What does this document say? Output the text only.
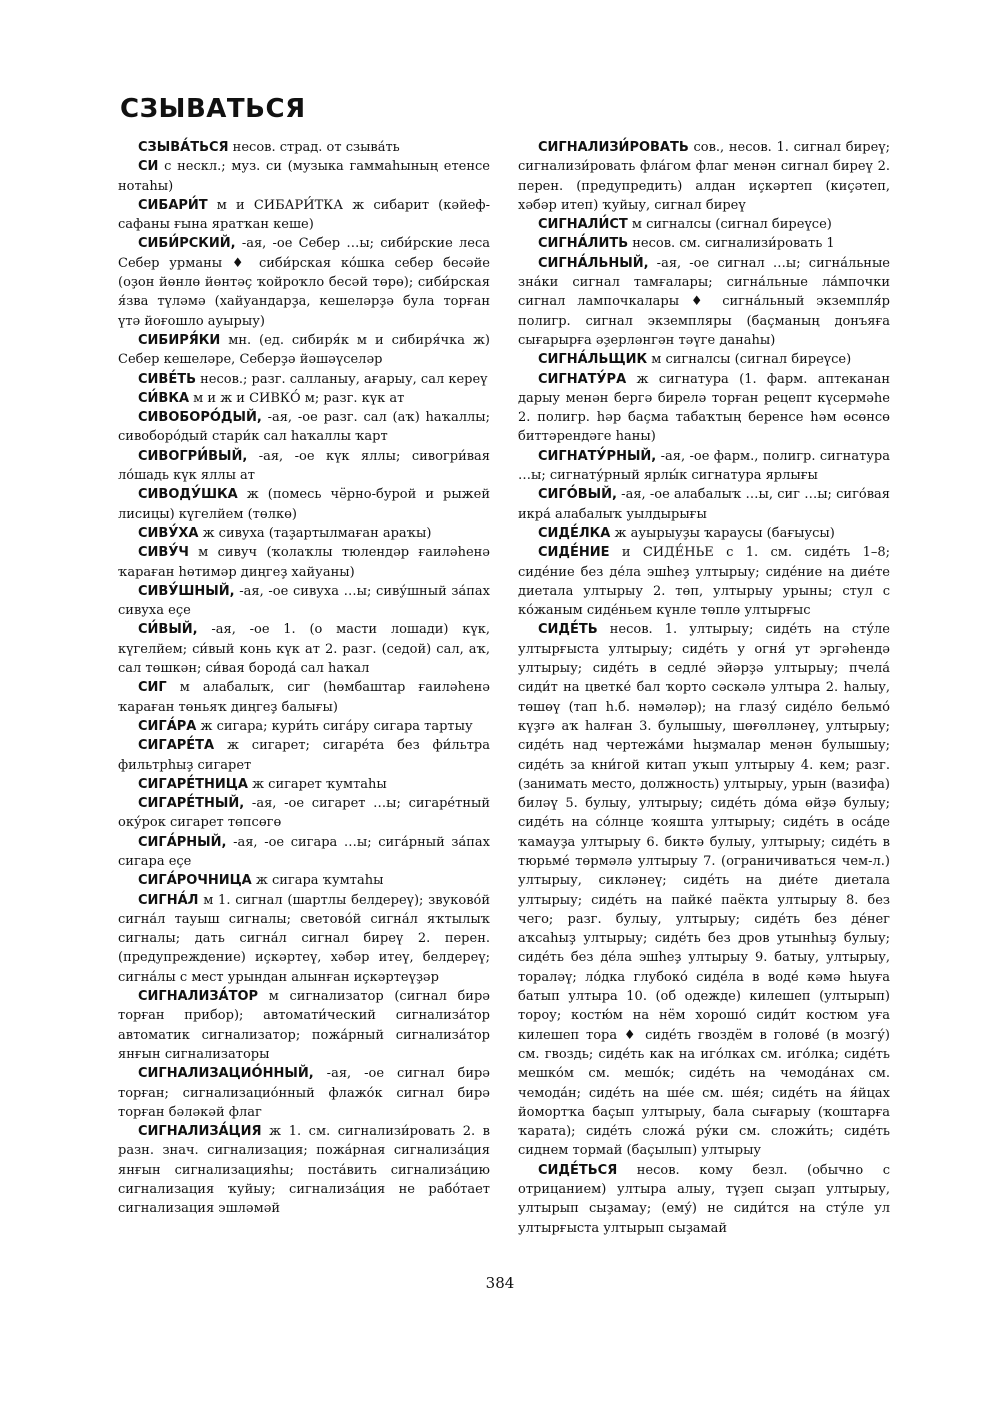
СЗЫВАТЬСЯ

СЗЫВА́ТЬСЯ несов. страд. от сзыва́ть

СИ с нескл.; муз. си (музыка гаммаһының етенсе нотаһы)

СИБАРИ́Т м и СИБАРИ́ТКА ж сибарит (кәйеф-сафаны ғына яратҡан кеше)

СИБИ́РСКИЙ, -ая, -ое Себер …ы; сиби́рские леса Себер урманы ♦ сиби́рская ко́шка себер бесәйе (оҙон йөнлө йөнтәҫ ҡойроҡло бесәй төрө); сиби́рская я́зва түләмә (хайуандарҙа, кешеләрҙә була торған үтә йоғошло ауырыу)

СИБИРЯ́КИ мн. (ед. сибиря́к м и сибиря́чка ж) Себер кешеләре, Себерҙә йәшәүселәр

СИВЕ́ТЬ несов.; разг. салланыу, ағарыу, сал кереү

СИ́ВКА м и ж и СИВКО́ м; разг. күк ат

СИВОБОРО́ДЫЙ, -ая, -ое разг. сал (аҡ) һаҡаллы; сивоборо́дый стари́к сал һаҡаллы ҡарт

СИВОГРИ́ВЫЙ, -ая, -ое күк яллы; сивогри́вая ло́шадь күк яллы ат

СИВОДУ́ШКА ж (помесь чёрно-бурой и рыжей лисицы) күгелйем (төлкө)

СИВУ́ХА ж сивуха (таҙартылмаған араҡы)

СИВУ́Ч м сивуч (ҡолаҡлы тюлендәр ғаиләһенә ҡараған һөтимәр диңгеҙ хайуаны)

СИВУ́ШНЫЙ, -ая, -ое сивуха …ы; сиву́шный за́пах сивуха еҫе

СИ́ВЫЙ, -ая, -ое 1. (о масти лошади) күк, күгелйем; си́вый конь күк ат 2. разг. (седой) сал, аҡ, сал төшкән; си́вая борода́ сал һаҡал

СИГ м алабалыҡ, сиг (һөмбаштар ғаиләһенә ҡараған төньяҡ диңгеҙ балығы)

СИГА́РА ж сигара; кури́ть сига́ру сигара тартыу

СИГАРЕ́ТА ж сигарет; сигаре́та без фи́льтра фильтрһыҙ сигарет

СИГАРЕ́ТНИЦА ж сигарет ҡумтаһы

СИГАРЕ́ТНЫЙ, -ая, -ое сигарет …ы; сигаре́тный оку́рок сигарет төпсөгө

СИГА́РНЫЙ, -ая, -ое сигара …ы; сига́рный за́пах сигара еҫе

СИГА́РОЧНИЦА ж сигара ҡумтаһы

СИГНА́Л м 1. сигнал (шартлы белдереү); звуково́й сигна́л тауыш сигналы; светово́й сигна́л яҡтылыҡ сигналы; дать сигна́л сигнал биреү 2. перен. (предупреждение) иҫкәртеү, хәбәр итеү, белдереү; сигна́лы с мест урындан алынған иҫкәртеүҙәр

СИГНАЛИЗА́ТОР м сигнализатор (сигнал бирә торған прибор); автомати́ческий сигнализа́тор автоматик сигнализатор; пожа́рный сигнализа́тор янғын сигнализаторы

СИГНАЛИЗАЦИО́ННЫЙ, -ая, -ое сигнал бирә торған; сигнализацио́нный флажо́к сигнал бирә торған бәләкәй флаг

СИГНАЛИЗА́ЦИЯ ж 1. см. сигнализи́ровать 2. в разн. знач. сигнализация; пожа́рная сигнализа́ция янғын сигнализацияһы; поста́вить сигнализа́цию сигнализация ҡуйыу; сигнализа́ция не рабо́тает сигнализация эшләмәй

СИГНАЛИЗИ́РОВАТЬ сов., несов. 1. сигнал биреү; сигнализи́ровать фла́гом флаг менән сигнал биреү 2. перен. (предупредить) алдан иҫкәртеп (киҫәтеп, хәбәр итеп) ҡуйыу, сигнал биреү

СИГНАЛИ́СТ м сигналсы (сигнал биреүсе)

СИГНА́ЛИТЬ несов. см. сигнализи́ровать 1

СИГНА́ЛЬНЫЙ, -ая, -ое сигнал …ы; сигна́льные зна́ки сигнал тамғалары; сигна́льные ла́мпочки сигнал лампочкалары ♦ сигна́льный экземпля́р полигр. сигнал экземпляры (баҫманың донъяға сығарырға әҙерләнгән тәүге данаһы)

СИГНА́ЛЬЩИК м сигналсы (сигнал биреүсе)

СИГНАТУ́РА ж сигнатура (1. фарм. аптеканан дарыу менән бергә бирелә торған рецепт күсермәһе 2. полигр. һәр баҫма табаҡтың беренсе һәм өсөнсө биттәрендәге һаны)

СИГНАТУ́РНЫЙ, -ая, -ое фарм., полигр. сигнатура …ы; сигнату́рный ярлы́к сигнатура ярлығы

СИГО́ВЫЙ, -ая, -ое алабалыҡ …ы, сиг …ы; сиго́вая икра́ алабалыҡ уылдырығы

СИДЕ́ЛКА ж ауырыуҙы ҡараусы (бағыусы)

СИДЕ́НИЕ и СИДЕ́НЬЕ с 1. см. сиде́ть 1–8; сиде́ние без де́ла эшһеҙ ултырыу; сиде́ние на дие́те диетала ултырыу 2. төп, ултырыу урыны; стул с ко́жаным сиде́ньем күнле төплө ултырғыс

СИДЕ́ТЬ несов. 1. ултырыу; сиде́ть на сту́ле ултырғыста ултырыу; сиде́ть у огня́ ут эргәһендә ултырыу; сиде́ть в седле́ эйәрҙә ултырыу; пчела́ сиди́т на цветке́ бал ҡорто сәскәлә ултыра 2. һалыу, төшөү (тап һ.б. нәмәләр); на глазу́ сиде́ло бельмо́ күҙгә аҡ һалған 3. булышыу, шөғөлләнеү, ултырыу; сиде́ть над чертежа́ми һыҙмалар менән булышыу; сиде́ть за кни́гой китап уҡып ултырыу 4. кем; разг. (занимать место, должность) ултырыу, урын (вазифа) биләү 5. булыу, ултырыу; сиде́ть до́ма өйҙә булыу; сиде́ть на со́лнце ҡояшта ултырыу; сиде́ть в оса́де ҡамауҙа ултырыу 6. биктә булыу, ултырыу; сиде́ть в тюрьме́ төрмәлә ултырыу 7. (ограничиваться чем-л.) ултырыу, сикләнеү; сиде́ть на дие́те диетала ултырыу; сиде́ть на пайке́ паёкта ултырыу 8. без чего; разг. булыу, ултырыу; сиде́ть без де́нег аҡсаһыҙ ултырыу; сиде́ть без дров утынһыҙ булыу; сиде́ть без де́ла эшһеҙ ултырыу 9. батыу, ултырыу, тораләү; ло́дка глубоко́ сиде́ла в воде́ кәмә һыуға батып ултыра 10. (об одежде) килешеп (ултырып) тороу; костю́м на нём хорошо́ сиди́т костюм уға килешеп тора ♦ сиде́ть гвоздём в голове́ (в мозгу́) см. гвоздь; сиде́ть как на иго́лках см. иго́лка; сиде́ть мешко́м см. мешо́к; сиде́ть на чемода́нах см. чемода́н; сиде́ть на ше́е см. ше́я; сиде́ть на я́йцах йомортҡа баҫып ултырыу, бала сығарыу (ҡоштарға ҡарата); сиде́ть сложа́ ру́ки см. сложи́ть; сиде́ть сиднем тормай (баҫылып) ултырыу

СИДЕ́ТЬСЯ несов. кому безл. (обычно с отрицанием) ултыра алыу, түҙеп сыҙап ултырыу, ултырып сыҙамау; (ему́) не сиди́тся на сту́ле ул ултырғыста ултырып сыҙамай

384
